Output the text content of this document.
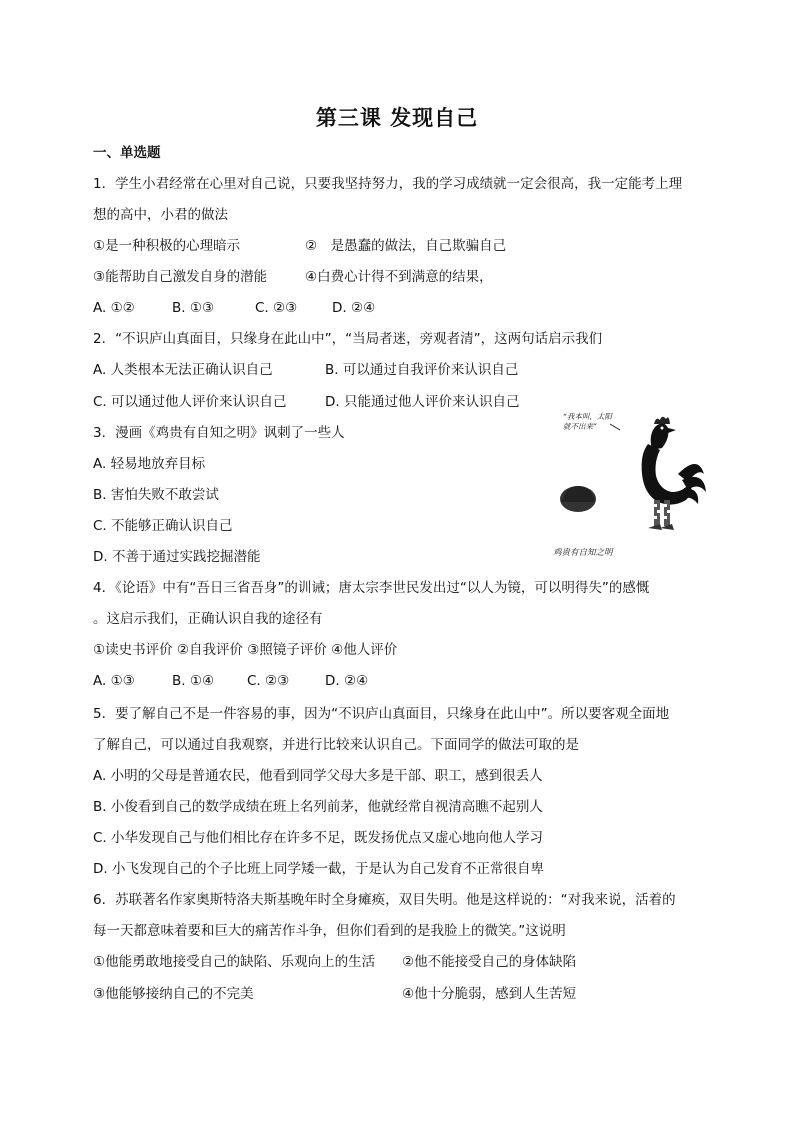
第三课 发现自己
一、单选题
1．学生小君经常在心里对自己说，只要我坚持努力，我的学习成绩就一定会很高，我一定能考上理
想的高中，小君的做法
①是一种积极的心理暗示	②　是愚蠢的做法，自己欺骗自己
③能帮助自己激发自身的潜能	④白费心计得不到满意的结果，
A. ①②	B. ①③	C. ②③	D. ②④
2．“不识庐山真面目，只缘身在此山中”，“当局者迷，旁观者清”，这两句话启示我们
A. 人类根本无法正确认识自己	B. 可以通过自我评价来认识自己
C. 可以通过他人评价来认识自己	D. 只能通过他人评价来认识自己
3．漫画《鸡贵有自知之明》讽刺了一些人
A. 轻易地放弃目标
B. 害怕失败不敢尝试
C. 不能够正确认识自己
D. 不善于通过实践挖掘潜能
“我本叫，太阳就不出来”
鸡贵有自知之明
4．《论语》中有“吾日三省吾身”的训诫；唐太宗李世民发出过“以人为镜，可以明得失”的感慨
。这启示我们，正确认识自我的途径有
①读史书评价 ②自我评价 ③照镜子评价 ④他人评价
A. ①③	B. ①④ C. ②③	D. ②④
5．要了解自己不是一件容易的事，因为“不识庐山真面目，只缘身在此山中”。所以要客观全面地
了解自己，可以通过自我观察，并进行比较来认识自己。下面同学的做法可取的是
A. 小明的父母是普通农民，他看到同学父母大多是干部、职工，感到很丢人
B. 小俊看到自己的数学成绩在班上名列前茅，他就经常自视清高瞧不起别人
C. 小华发现自己与他们相比存在许多不足，既发扬优点又虚心地向他人学习
D. 小飞发现自己的个子比班上同学矮一截，于是认为自己发育不正常很自卑
6．苏联著名作家奥斯特洛夫斯基晚年时全身瘫痪，双目失明。他是这样说的：“对我来说，活着的
每一天都意味着要和巨大的痛苦作斗争，但你们看到的是我脸上的微笑。”这说明
①他能勇敢地接受自己的缺陷、乐观向上的生活 ②他不能接受自己的身体缺陷
③他能够接纳自己的不完美	④他十分脆弱，感到人生苦短
